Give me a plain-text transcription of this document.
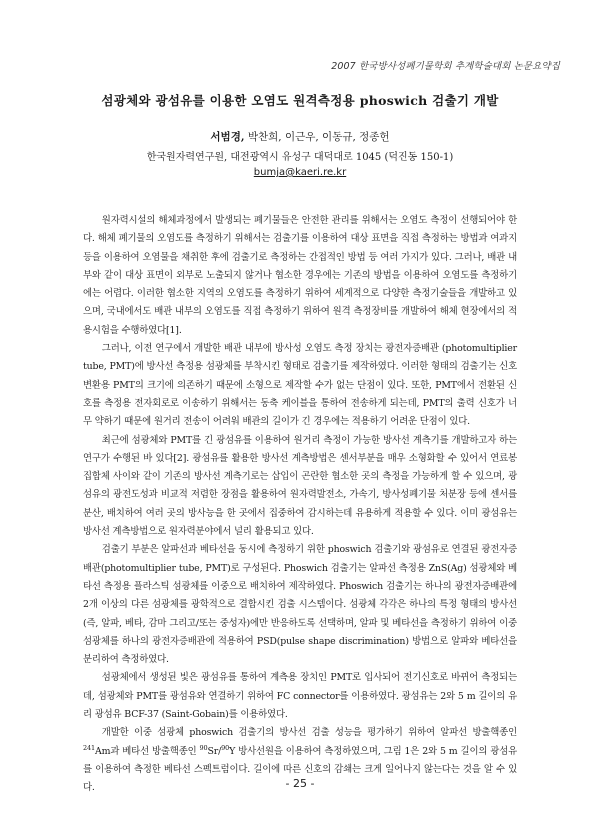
2007 한국방사성폐기물학회 추계학술대회 논문요약집
섬광체와 광섬유를 이용한 오염도 원격측정용 phoswich 검출기 개발
서범경, 박찬희, 이근우, 이동규, 정종헌
한국원자력연구원, 대전광역시 유성구 대덕대로 1045 (덕진동 150-1)
bumja@kaeri.re.kr

원자력시설의 해체과정에서 발생되는 폐기물들은 안전한 관리를 위해서는 오염도 측정이 선행되어야 한다. 해체 폐기물의 오염도를 측정하기 위해서는 검출기를 이용하여 대상 표면을 직접 측정하는 방법과 여과지 등을 이용하여 오염물을 채취한 후에 검출기로 측정하는 간접적인 방법 등 여러 가지가 있다. 그러나, 배관 내부와 같이 대상 표면이 외부로 노출되지 않거나 협소한 경우에는 기존의 방법을 이용하여 오염도를 측정하기에는 어렵다. 이러한 협소한 지역의 오염도를 측정하기 위하여 세계적으로 다양한 측정기술들을 개발하고 있으며, 국내에서도 배관 내부의 오염도를 직접 측정하기 위하여 원격 측정장비를 개발하여 해체 현장에서의 적용시험을 수행하였다[1].

그러나, 이전 연구에서 개발한 배관 내부에 방사성 오염도 측정 장치는 광전자증배관 (photomultiplier tube, PMT)에 방사선 측정용 섬광체를 부착시킨 형태로 검출기를 제작하였다. 이러한 형태의 검출기는 신호 변환용 PMT의 크기에 의존하기 때문에 소형으로 제작할 수가 없는 단점이 있다. 또한, PMT에서 전환된 신호를 측정용 전자회로로 이송하기 위해서는 동축 케이블을 통하여 전송하게 되는데, PMT의 출력 신호가 너무 약하기 때문에 원거리 전송이 어려워 배관의 길이가 긴 경우에는 적용하기 어려운 단점이 있다.

최근에 섬광체와 PMT를 긴 광섬유를 이용하여 원거리 측정이 가능한 방사선 계측기를 개발하고자 하는 연구가 수행된 바 있다[2]. 광섬유를 활용한 방사선 계측방법은 센서부분을 매우 소형화할 수 있어서 연료봉집합체 사이와 같이 기존의 방사선 계측기로는 삽입이 곤란한 협소한 곳의 측정을 가능하게 할 수 있으며, 광섬유의 광전도성과 비교적 저렴한 장점을 활용하여 원자력발전소, 가속기, 방사성폐기물 처분장 등에 센서를 분산, 배치하여 여러 곳의 방사능을 한 곳에서 집중하여 감시하는데 유용하게 적용할 수 있다. 이미 광섬유는 방사선 계측방법으로 원자력분야에서 널리 활용되고 있다.

검출기 부분은 알파선과 베타선을 동시에 측정하기 위한 phoswich 검출기와 광섬유로 연결된 광전자증배관(photomultiplier tube, PMT)로 구성된다. Phoswich 검출기는 알파선 측정용 ZnS(Ag) 섬광체와 베타선 측정용 플라스틱 섬광체를 이중으로 배치하여 제작하였다. Phoswich 검출기는 하나의 광전자증배관에 2개 이상의 다른 섬광체를 광학적으로 결합시킨 검출 시스템이다. 섬광체 각각은 하나의 특정 형태의 방사선(즉, 알파, 베타, 감마 그리고/또는 중성자)에만 반응하도록 선택하며, 알파 및 베타선을 측정하기 위하여 이중섬광체를 하나의 광전자증배관에 적용하여 PSD(pulse shape discrimination) 방법으로 알파와 베타선을 분리하여 측정하였다.

섬광체에서 생성된 빛은 광섬유를 통하여 계측용 장치인 PMT로 입사되어 전기신호로 바뀌어 측정되는데, 섬광체와 PMT를 광섬유와 연결하기 위하여 FC connector를 이용하였다. 광섬유는 2와 5 m 길이의 유리 광섬유 BCF-37 (Saint-Gobain)를 이용하였다.

개발한 이중 섬광체 phoswich 검출기의 방사선 검출 성능을 평가하기 위하여 알파선 방출핵종인 $^{241}$Am과 베타선 방출핵종인 $^{90}$Sr/$^{90}$Y 방사선원을 이용하여 측정하였으며, 그림 1은 2와 5 m 길이의 광섬유를 이용하여 측정한 베타선 스펙트럼이다. 길이에 따른 신호의 감쇄는 크게 일어나지 않는다는 것을 알 수 있다.	- 25 -
